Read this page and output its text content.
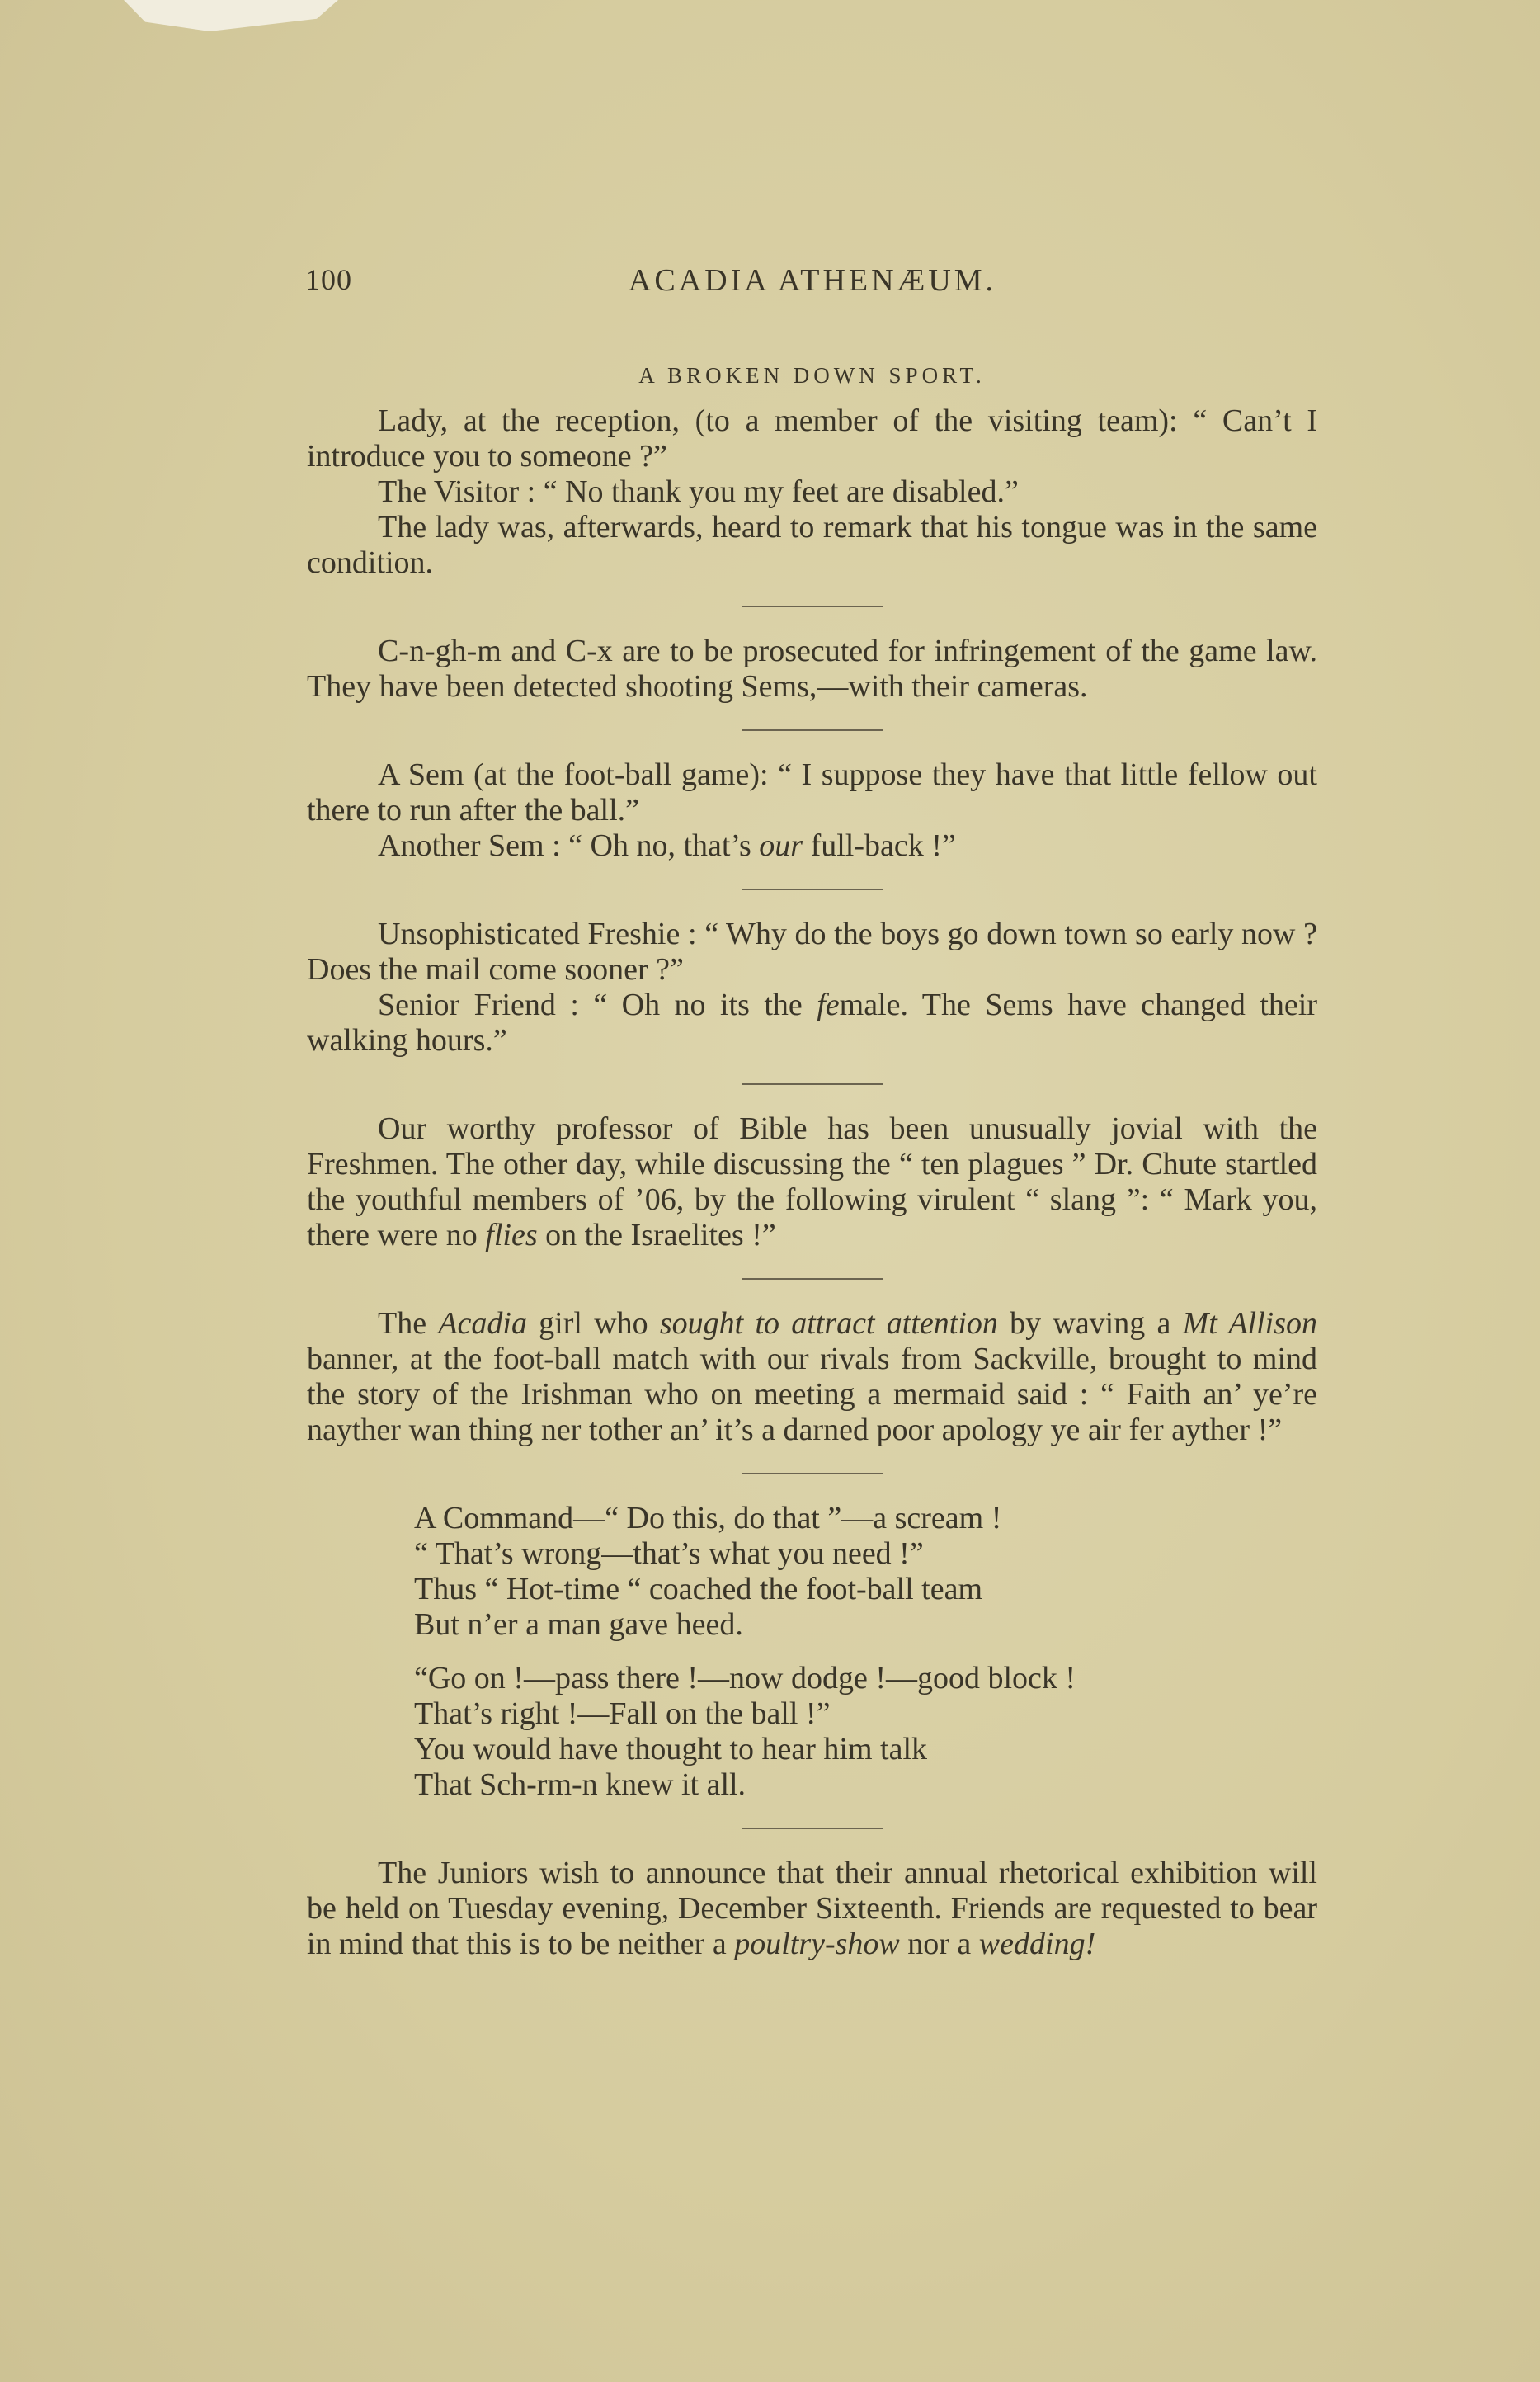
100	ACADIA ATHENÆUM.
A BROKEN DOWN SPORT.

Lady, at the reception, (to a member of the visiting team): “ Can’t I introduce you to someone ?”

The Visitor : “ No thank you my feet are disabled.”

The lady was, afterwards, heard to remark that his tongue was in the same condition.

C-n-gh-m and C-x are to be prosecuted for infringement of the game law. They have been detected shooting Sems,—with their cameras.

A Sem (at the foot-ball game): “ I suppose they have that little fellow out there to run after the ball.”

Another Sem : “ Oh no, that’s our full-back !”

Unsophisticated Freshie : “ Why do the boys go down town so early now ? Does the mail come sooner ?”

Senior Friend : “ Oh no its the female. The Sems have changed their walking hours.”

Our worthy professor of Bible has been unusually jovial with the Freshmen. The other day, while discussing the “ ten plagues ” Dr. Chute startled the youthful members of ’06, by the following virulent “ slang ”: “ Mark you, there were no flies on the Israelites !”

The Acadia girl who sought to attract attention by waving a Mt Allison banner, at the foot-ball match with our rivals from Sackville, brought to mind the story of the Irishman who on meeting a mermaid said : “ Faith an’ ye’re nayther wan thing ner tother an’ it’s a darned poor apology ye air fer ayther !”

A Command—“ Do this, do that ”—a scream !
“ That’s wrong—that’s what you need !”
Thus “ Hot-time “ coached the foot-ball team
But n’er a man gave heed.
“Go on !—pass there !—now dodge !—good block !
That’s right !—Fall on the ball !”
You would have thought to hear him talk
That Sch-rm-n knew it all.

The Juniors wish to announce that their annual rhetorical exhibition will be held on Tuesday evening, December Sixteenth. Friends are requested to bear in mind that this is to be neither a poultry-show nor a wedding!
